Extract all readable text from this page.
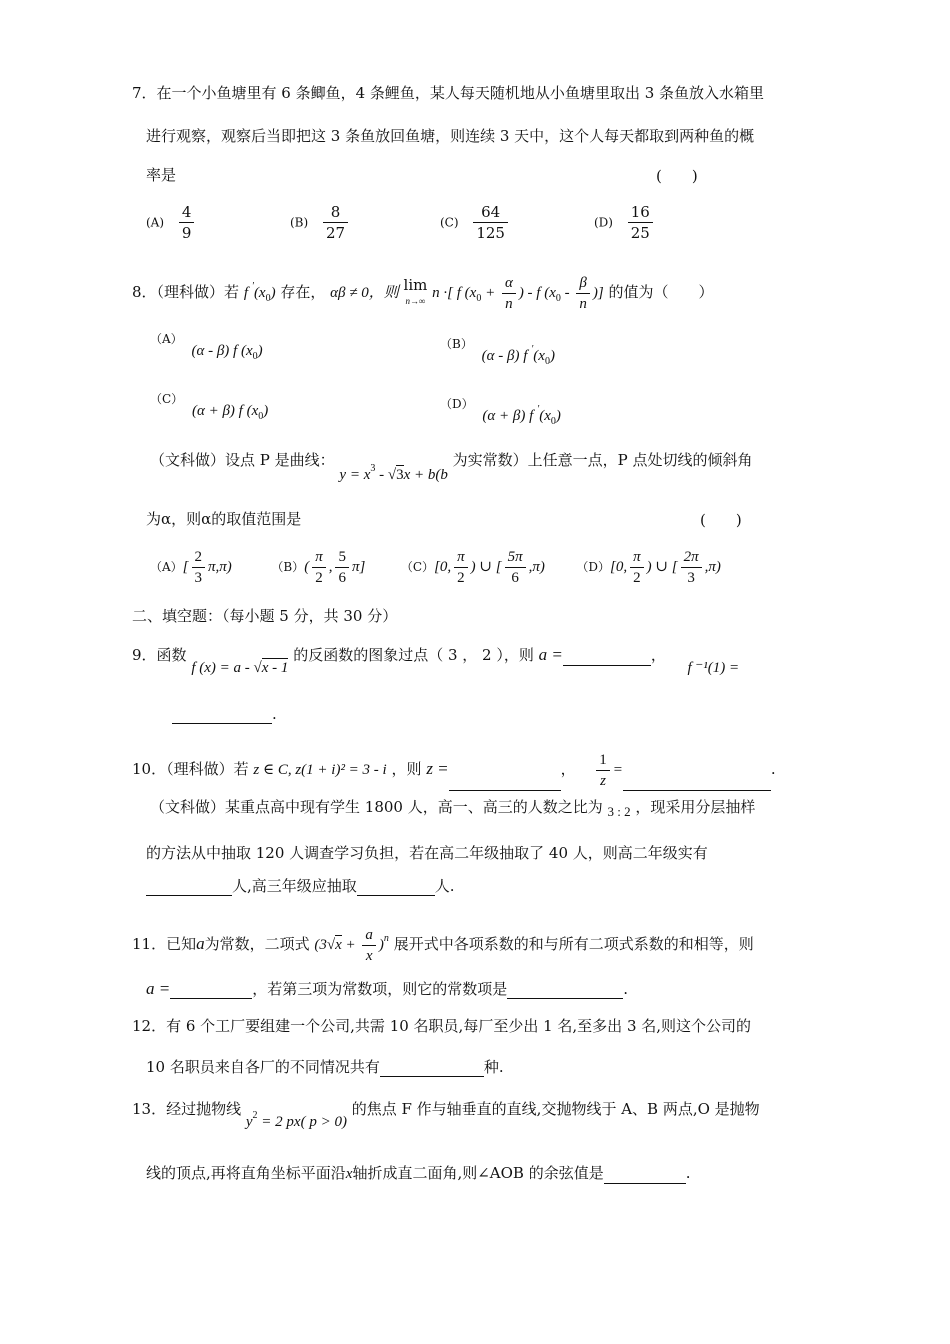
7．在一个小鱼塘里有 6 条鲫鱼，4 条鲤鱼，某人每天随机地从小鱼塘里取出 3 条鱼放入水箱里
进行观察，观察后当即把这 3 条鱼放回鱼塘，则连续 3 天中，这个人每天都取到两种鱼的概
率是	(　　)
$(A) \frac{4}{9}$	$(B) \frac{8}{27}$	$(C) \frac{64}{125}$	$(D) \frac{16}{25}$
8．（理科做）若 f $'(x_0)$ 存在， αβ ≠ 0，则 lim
n→∞ n ·[ f ($x_0 + \frac{\alpha}{n}$ ) - f ($x_0 - \frac{\beta}{n}$ )] 的值为（　　）
（A） (α - β) f $(x_0)$	（B） (α - β) f $'(x_0)$
（C） (α + β) f $(x_0)$	（D） (α + β) f $'(x_0)$
（文科做）设点 P 是曲线： $y = x^3 - √3x + b(b$ 为实常数）上任意一点，P 点处切线的倾斜角
为α，则α的取值范围是	(　　)
$(A)[ \frac{2}{3} \pi,\pi)$	$(B)( \frac{\pi}{2}$ , $\frac{5}{6} \pi$]	（C）[0, $\frac{\pi}{2}$ ) ∪ [ $\frac{5\pi}{6} ,\pi$)	（D）[0, $\frac{\pi}{2}$ ) ∪ [ $\frac{2\pi}{3} ,\pi$)
二、填空题：（每小题 5 分，共 30 分）
9．函数 f (x) = a - √x - 1 的反函数的图象过点（ 3 ， 2 ），则 a =	，  f ⁻¹(1) =
.
10．（理科做）若 z ∈ C, z(1 + i)² = 3 - i ，则 z =	， $\frac{1}{z}$ =	.
（文科做）某重点高中现有学生 1800 人，高一、高三的人数之比为 3 : 2 ，现采用分层抽样
的方法从中抽取 120 人调查学习负担，若在高二年级抽取了 40 人，则高二年级实有
人,高三年级应抽取	人.
11．已知a为常数，二项式 $(3√x + \frac{a}{x} )^n$ 展开式中各项系数的和与所有二项式系数的和相等，则
a =	，若第三项为常数项，则它的常数项是	.
12．有 6 个工厂要组建一个公司,共需 10 名职员,每厂至少出 1 名,至多出 3 名,则这个公司的
10 名职员来自各厂的不同情况共有	种.
13．经过抛物线 $y^2 = 2$ px( p > 0) 的焦点 F 作与轴垂直的直线,交抛物线于 A、B 两点,O 是抛物
线的顶点,再将直角坐标平面沿x轴折成直二面角,则∠AOB 的余弦值是	.
